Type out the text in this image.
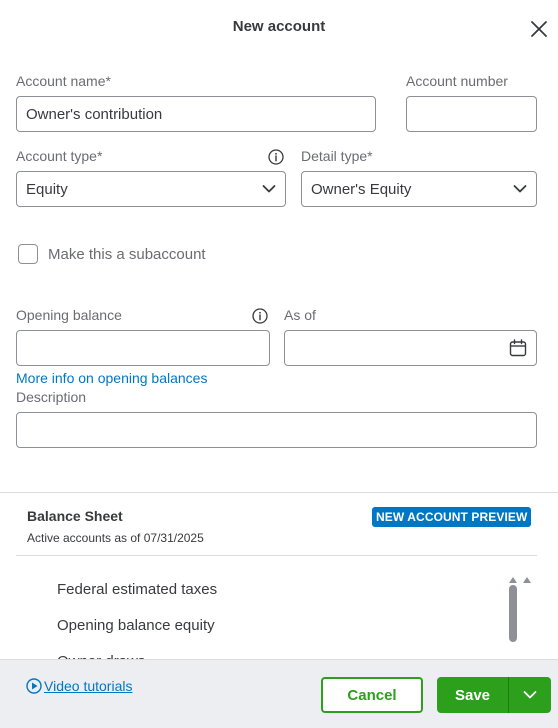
New account
Account name*
Owner's contribution	Account number
Account type*
Equity
Detail type*
Owner's Equity
Make this a subaccount
Opening balance	As of
More info on opening balances
Description
Balance Sheet
Active accounts as of 07/31/2025
NEW ACCOUNT PREVIEW
Federal estimated taxes
Opening balance equity
Video tutorials
Cancel	Save
